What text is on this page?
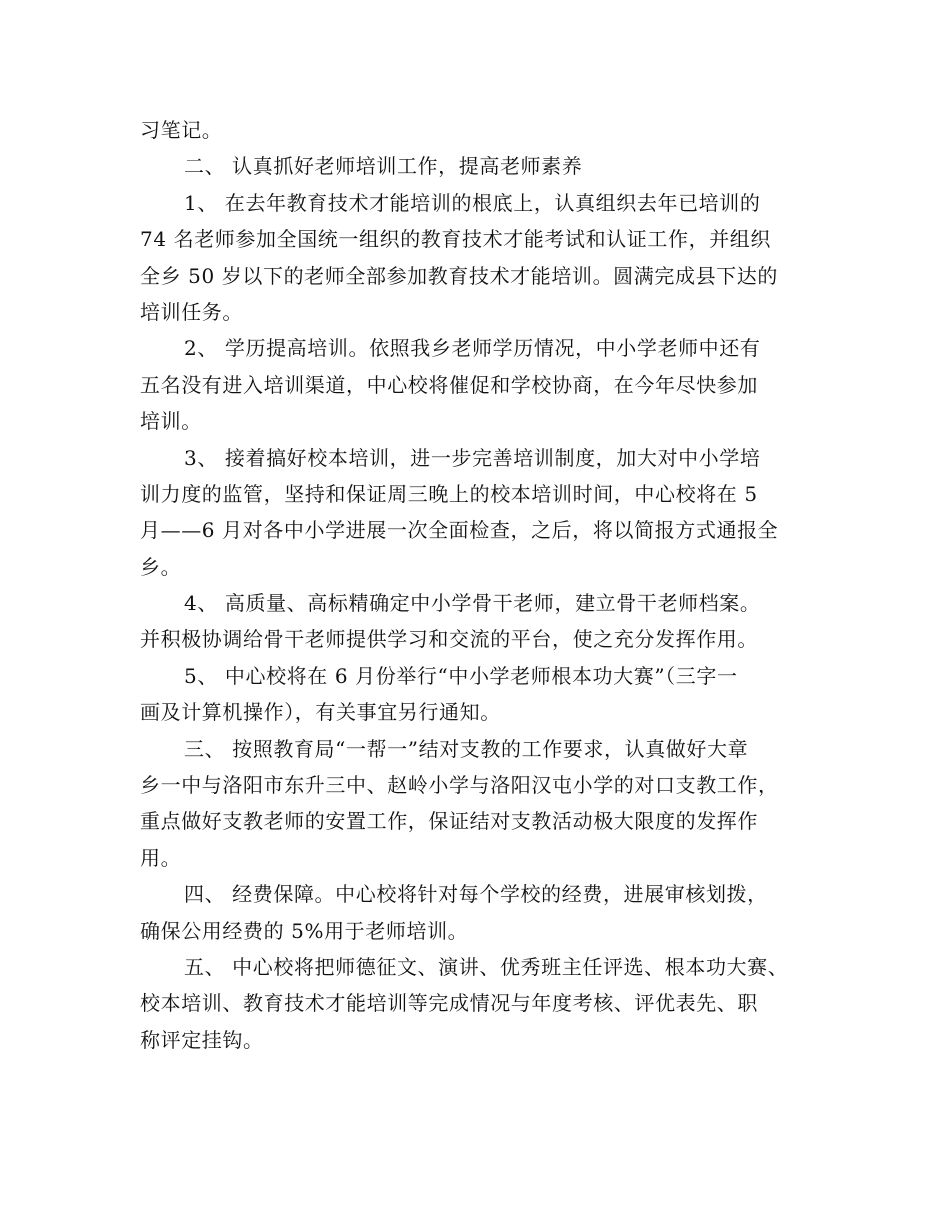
习笔记。
二、 认真抓好老师培训工作，提高老师素养
1、 在去年教育技术才能培训的根底上，认真组织去年已培训的
74 名老师参加全国统一组织的教育技术才能考试和认证工作，并组织
全乡 50 岁以下的老师全部参加教育技术才能培训。圆满完成县下达的
培训任务。
2、 学历提高培训。依照我乡老师学历情况，中小学老师中还有
五名没有进入培训渠道，中心校将催促和学校协商，在今年尽快参加
培训。
3、 接着搞好校本培训，进一步完善培训制度，加大对中小学培
训力度的监管，坚持和保证周三晚上的校本培训时间，中心校将在 5
月——6 月对各中小学进展一次全面检查，之后，将以简报方式通报全
乡。
4、 高质量、高标精确定中小学骨干老师，建立骨干老师档案。
并积极协调给骨干老师提供学习和交流的平台，使之充分发挥作用。
5、 中心校将在 6 月份举行“中小学老师根本功大赛”（三字一
画及计算机操作），有关事宜另行通知。
三、 按照教育局“一帮一”结对支教的工作要求，认真做好大章
乡一中与洛阳市东升三中、赵岭小学与洛阳汉屯小学的对口支教工作，
重点做好支教老师的安置工作，保证结对支教活动极大限度的发挥作
用。
四、 经费保障。中心校将针对每个学校的经费，进展审核划拨，
确保公用经费的 5%用于老师培训。
五、 中心校将把师德征文、演讲、优秀班主任评选、根本功大赛、
校本培训、教育技术才能培训等完成情况与年度考核、评优表先、职
称评定挂钩。
